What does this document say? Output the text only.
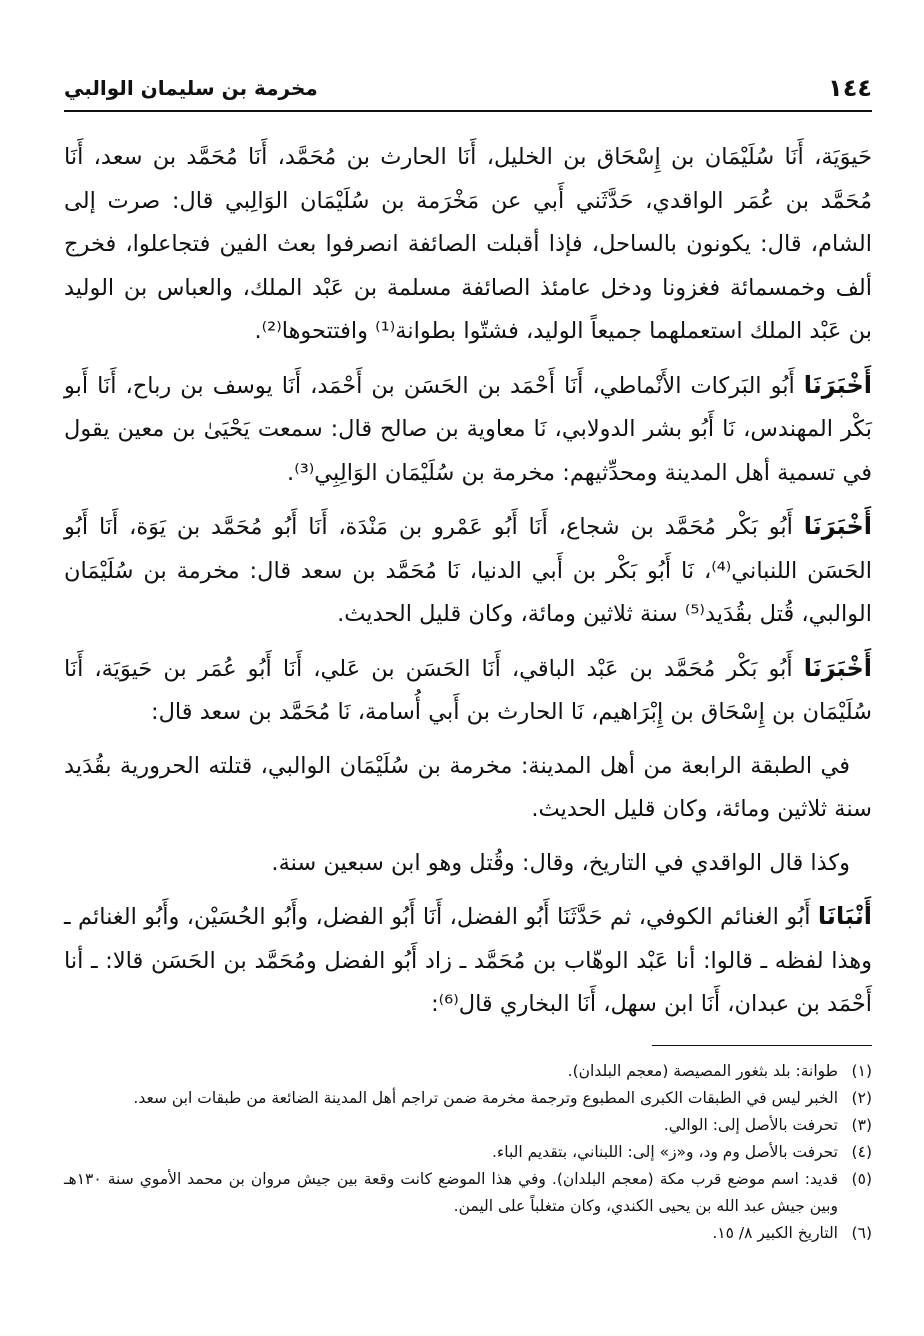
١٤٤
مخرمة بن سليمان الوالبي

حَيوَيَة، أَنَا سُلَيْمَان بن إِسْحَاق بن الخليل، أَنَا الحارث بن مُحَمَّد، أَنَا مُحَمَّد بن سعد، أَنَا مُحَمَّد بن عُمَر الواقدي، حَدَّثَني أَبي عن مَخْرَمة بن سُلَيْمَان الوَالِبي قال: صرت إلى الشام، قال: يكونون بالساحل، فإذا أقبلت الصائفة انصرفوا بعث الفين فتجاعلوا، فخرج ألف وخمسمائة فغزونا ودخل عامئذ الصائفة مسلمة بن عَبْد الملك، والعباس بن الوليد بن عَبْد الملك استعملهما جميعاً الوليد، فشتّوا بطوانة⁽¹⁾ وافتتحوها⁽²⁾.

أَخْبَرَنَا أَبُو البَركات الأَنْماطي، أَنَا أَحْمَد بن الحَسَن بن أَحْمَد، أَنَا يوسف بن رباح، أَنَا أَبو بَكْر المهندس، نَا أَبُو بشر الدولابي، نَا معاوية بن صالح قال: سمعت يَحْيَىٰ بن معين يقول في تسمية أهل المدينة ومحدِّثيهم: مخرمة بن سُلَيْمَان الوَالِبِي⁽³⁾.

أَخْبَرَنَا أَبُو بَكْر مُحَمَّد بن شجاع، أَنَا أَبُو عَمْرو بن مَنْدَة، أَنَا أَبُو مُحَمَّد بن يَوَة، أَنَا أَبُو الحَسَن اللنباني⁽⁴⁾، نَا أَبُو بَكْر بن أَبي الدنيا، نَا مُحَمَّد بن سعد قال: مخرمة بن سُلَيْمَان الوالبي، قُتل بقُدَيد⁽⁵⁾ سنة ثلاثين ومائة، وكان قليل الحديث.

أَخْبَرَنَا أَبُو بَكْر مُحَمَّد بن عَبْد الباقي، أَنَا الحَسَن بن عَلي، أَنَا أَبُو عُمَر بن حَيوَيَة، أَنَا سُلَيْمَان بن إِسْحَاق بن إِبْرَاهيم، نَا الحارث بن أَبي أُسامة، نَا مُحَمَّد بن سعد قال:

في الطبقة الرابعة من أهل المدينة: مخرمة بن سُلَيْمَان الوالبي، قتلته الحرورية بقُدَيد سنة ثلاثين ومائة، وكان قليل الحديث.

وكذا قال الواقدي في التاريخ، وقال: وقُتل وهو ابن سبعين سنة.

أَنْبَانَا أَبُو الغنائم الكوفي، ثم حَدَّثَنَا أَبُو الفضل، أَنَا أَبُو الفضل، وأَبُو الحُسَيْن، وأَبُو الغنائم ـ وهذا لفظه ـ قالوا: أنا عَبْد الوهّاب بن مُحَمَّد ـ زاد أَبُو الفضل ومُحَمَّد بن الحَسَن قالا: ـ أنا أَحْمَد بن عبدان، أَنَا ابن سهل، أَنَا البخاري قال⁽⁶⁾:

(١)
طوانة: بلد بثغور المصيصة (معجم البلدان).
(٢)
الخبر ليس في الطبقات الكبرى المطبوع وترجمة مخرمة ضمن تراجم أهل المدينة الضائعة من طبقات ابن سعد.
(٣)
تحرفت بالأصل إلى: الوالي.
(٤)
تحرفت بالأصل وم ود، و«ز» إلى: اللبناني، بتقديم الباء.
(٥)
قديد: اسم موضع قرب مكة (معجم البلدان). وفي هذا الموضع كانت وقعة بين جيش مروان بن محمد الأموي سنة ١٣٠هـ وبين جيش عبد الله بن يحيى الكندي، وكان متغلباً على اليمن.
(٦)
التاريخ الكبير ٨/ ١٥.
